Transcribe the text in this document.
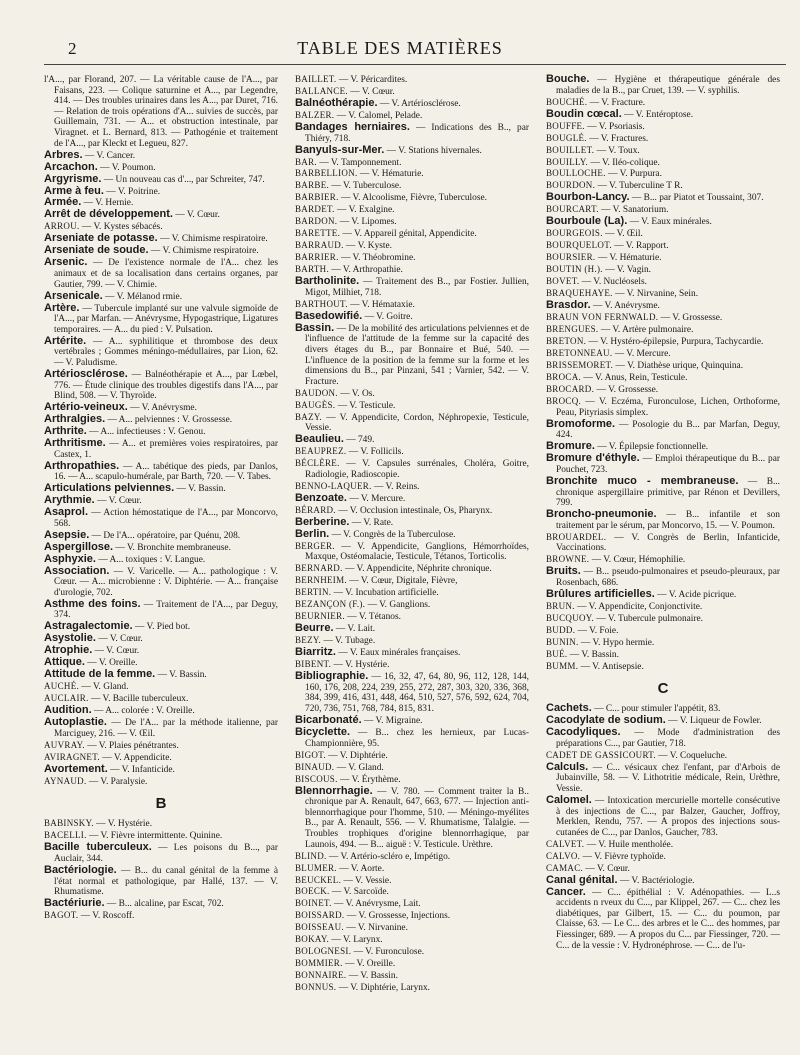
2	TABLE DES MATIÈRES
l'A..., par Florand, 207. — La véritable cause de l'A..., par Faisans, 223. — Colique saturnine et A..., par Legendre, 414. — Des troubles urinaires dans les A..., par Duret, 716. — Relation de trois opérations d'A... suivies de succès, par Guillemain, 731. — A... et obstruction intestinale, par Viragnet. et L. Bernard, 813. — Pathogénie et traitement de l'A..., par Kleckt et Legueu, 827.
Arbres. — V. Cancer.
Arcachon. — V. Poumon.
Argyrisme. — Un nouveau cas d'..., par Schreiter, 747.
Arme à feu. — V. Poitrine.
Armée. — V. Hernie.
Arrêt de développement. — V. Cœur.
ARROU. — V. Kystes sébacés.
Arseniate de potasse. — V. Chimisme respiratoire.
Arseniate de soude. — V. Chimisme respiratoire.
Arsenic. — De l'existence normale de l'A... chez les animaux et de sa localisation dans certains organes, par Gautier, 799. — V. Chimie.
Arsenicale. — V. Mélanod rmie.
Artère. — Tubercule implanté sur une valvule sigmoïde de l'A..., par Marfan. — Anévrysme, Hypogastrique, Ligatures temporaires. — A... du pied : V. Pulsation.
Artérite. — A... syphilitique et thrombose des deux vertébrales ; Gommes méningo-médullaires, par Lion, 62. — V. Paludisme.
Artériosclérose. — Balnéothérapie et A..., par Lœbel, 776. — Étude clinique des troubles digestifs dans l'A..., par Blind, 508. — V. Thyroïde.
Artério-veineux. — V. Anévrysme.
Arthralgies. — A... pelviennes : V. Grossesse.
Arthrite. — A... infectieuses : V. Genou.
Arthritisme. — A... et premières voies respiratoires, par Castex, 1.
Arthropathies. — A... tabétique des pieds, par Danlos, 16. — A... scapulo-humérale, par Barth, 720. — V. Tabes.
Articulations pelviennes. — V. Bassin.
Arythmie. — V. Cœur.
Asaprol. — Action hémostatique de l'A..., par Moncorvo, 568.
Asepsie. — De l'A... opératoire, par Quénu, 208.
Aspergillose. — V. Bronchite membraneuse.
Asphyxie. — A... toxiques : V. Langue.
Association. — V. Varicelle. — A... pathologique : V. Cœur. — A... microbienne : V. Diphtérie. — A... française d'urologie, 702.
Asthme des foins. — Traitement de l'A..., par Deguy, 374.
Astragalectomie. — V. Pied bot.
Asystolie. — V. Cœur.
Atrophie. — V. Cœur.
Attique. — V. Oreille.
Attitude de la femme. — V. Bassin.
AUCHÉ. — V. Gland.
AUCLAIR. — V. Bacille tuberculeux.
Audition. — A... colorée : V. Oreille.
Autoplastie. — De l'A... par la méthode italienne, par Marciguey, 216. — V. Œil.
AUVRAY. — V. Plaies pénétrantes.
AVIRAGNET. — V. Appendicite.
Avortement. — V. Infanticide.
AYNAUD. — V. Paralysie.
B
BABINSKY. — V. Hystérie.
BACELLI. — V. Fièvre intermittente. Quinine.
Bacille tuberculeux. — Les poisons du B..., par Auclair, 344.
Bactériologie. — B... du canal génital de la femme à l'état normal et pathologique, par Hallé, 137. — V. Rhumatisme.
Bactériurie. — B... alcaline, par Escat, 702.
BAGOT. — V. Roscoff.
BAILLET. — V. Péricardites.
BALLANCE. — V. Cœur.
Balnéothérapie. — V. Artériosclérose.
BALZER. — V. Calomel, Pelade.
Bandages herniaires. — Indications des B.., par Thiéry, 718.
Banyuls-sur-Mer. — V. Stations hivernales.
BAR. — V. Tamponnement.
BARBELLION. — V. Hématurie.
BARBE. — V. Tuberculose.
BARBIER. — V. Alcoolisme, Fièvre, Tuberculose.
BARDET. — V. Exalgine.
BARDON. — V. Lipomes.
BARETTE. — V. Appareil génital, Appendicite.
BARRAUD. — V. Kyste.
BARRIER. — V. Théobromine.
BARTH. — V. Arthropathie.
Bartholinite. — Traitement des B.., par Fostier. Jullien, Migot, Milhiet, 718.
BARTHOUT. — V. Hémataxie.
Basedowifié. — V. Goitre.
Bassin. — De la mobilité des articulations pelviennes et de l'influence de l'attitude de la femme sur la capacité des divers étages du B.., par Bonnaire et Bué, 540. — L'influence de la position de la femme sur la forme et les dimensions du B.., par Pinzani, 541 ; Varnier, 542. — V. Fracture.
BAUDON. — V. Os.
BAUGÈS. — V. Testicule.
BAZY. — V. Appendicite, Cordon, Néphropexie, Testicule, Vessie.
Beaulieu. — 749.
BEAUPREZ. — V. Follicils.
BÉCLÈRE. — V. Capsules surrénales, Choléra, Goitre, Radiologie, Radioscopie.
BENNO-LAQUER. — V. Reins.
Benzoate. — V. Mercure.
BÉRARD. — V. Occlusion intestinale, Os, Pharynx.
Berberine. — V. Rate.
Berlin. — V. Congrès de la Tuberculose.
BERGER. — V. Appendicite, Ganglions, Hémorrhoïdes, Maxque, Ostéomalacie, Testicule, Tétanos, Torticolis.
BERNARD. — V. Appendicite, Néphrite chronique.
BERNHEIM. — V. Cœur, Digitale, Fièvre,
BERTIN. — V. Incubation artificielle.
BEZANÇON (F.). — V. Ganglions.
BEURNIER. — V. Tétanos.
Beurre. — V. Lait.
BEZY. — V. Tubage.
Biarritz. — V. Eaux minérales françaises.
BIBENT. — V. Hystérie.
Bibliographie. — 16, 32, 47, 64, 80, 96, 112, 128, 144, 160, 176, 208, 224, 239, 255, 272, 287, 303, 320, 336, 368, 384, 399, 416, 431, 448, 464, 510, 527, 576, 592, 624, 704, 720, 736, 751, 768, 784, 815, 831.
Bicarbonaté. — V. Migraine.
Bicyclette. — B... chez les hernieux, par Lucas-Championnière, 95.
BIGOT. — V. Diphtérie.
BINAUD. — V. Gland.
BISCOUS. — V. Érythème.
Blennorrhagie. — V. 780. — Comment traiter la B.. chronique par A. Renault, 647, 663, 677. — Injection anti-blennorrhagique pour l'homme, 510. — Méningo-myélites B.., par A. Renault, 556. — V. Rhumatisme, Talalgie. — Troubles trophiques d'origine blennorrhagique, par Launois, 494. — B... aiguë : V. Testicule. Urèthre.
BLIND. — V. Artério-scléro e, Impétigo.
BLUMER. — V. Aorte.
BEUCKEL. — V. Vessie.
BOECK. — V. Sarcoïde.
BOINET. — V. Anévrysme, Lait.
BOISSARD. — V. Grossesse, Injections.
BOISSEAU. — V. Nirvanine.
BOKAY. — V. Larynx.
BOLOGNESI. — V. Furonculose.
BOMMIER. — V. Oreille.
BONNAIRE. — V. Bassin.
BONNUS. — V. Diphtérie, Larynx.
Bouche. — Hygiène et thérapeutique générale des maladies de la B.., par Cruet, 139. — V. syphilis.
BOUCHÉ. — V. Fracture.
Boudin cœcal. — V. Entéroptose.
BOUFFE. — V. Psoriasis.
BOUGLÉ. — V. Fractures.
BOUILLET. — V. Toux.
BOUILLY. — V. Iléo-colique.
BOULLOCHE. — V. Purpura.
BOURDON. — V. Tuberculine T R.
Bourbon-Lancy. — B... par Piatot et Toussaint, 307.
BOURCART. — V. Sanatorium.
Bourboule (La). — V. Eaux minérales.
BOURGEOIS. — V. Œil.
BOURQUELOT. — V. Rapport.
BOURSIER. — V. Hématurie.
BOUTIN (H.). — V. Vagin.
BOVET. — V. Nucléosels.
BRAQUEHAYE. — V. Nirvanine, Sein.
Brasdor. — V. Anévrysme.
BRAUN VON FERNWALD. — V. Grossesse.
BRENGUES. — V. Artère pulmonaire.
BRETON. — V. Hystéro-épilepsie, Purpura, Tachycardie.
BRETONNEAU. — V. Mercure.
BRISSEMORET. — V. Diathèse urique, Quinquina.
BROCA. — V. Anus, Rein, Testicule.
BROCARD. — V. Grossesse.
BROCQ. — V. Eczéma, Furonculose, Lichen, Orthoforme, Peau, Pityriasis simplex.
Bromoforme. — Posologie du B... par Marfan, Deguy, 424.
Bromure. — V. Épilepsie fonctionnelle.
Bromure d'éthyle. — Emploi thérapeutique du B... par Pouchet, 723.
Bronchite muco - membraneuse. — B... chronique aspergillaire primitive, par Rénon et Devillers, 799.
Broncho-pneumonie. — B... infantile et son traitement par le sérum, par Moncorvo, 15. — V. Poumon.
BROUARDEL. — V. Congrès de Berlin, Infanticide, Vaccinations.
BROWNE. — V. Cœur, Hémophilie.
Bruits. — B... pseudo-pulmonaires et pseudo-pleuraux, par Rosenbach, 686.
Brûlures artificielles. — V. Acide picrique.
BRUN. — V. Appendicite, Conjonctivite.
BUCQUOY. — V. Tubercule pulmonaire.
BUDD. — V. Foie.
BUNIN. — V. Hypo hermie.
BUÉ. — V. Bassin.
BUMM. — V. Antisepsie.
C
Cachets. — C... pour stimuler l'appétit, 83.
Cacodylate de sodium. — V. Liqueur de Fowler.
Cacodyliques. — Mode d'administration des préparations C..., par Gautier, 718.
CADET DE GASSICOURT. — V. Coqueluche.
Calculs. — C... vésicaux chez l'enfant, par d'Arbois de Jubainville, 58. — V. Lithotritie médicale, Rein, Urèthre, Vessie.
Calomel. — Intoxication mercurielle mortelle consécutive à des injections de C..., par Balzer, Gaucher, Joffroy, Merklen, Rendu, 757. — A propos des injections sous-cutanées de C..., par Danlos, Gaucher, 783.
CALVET. — V. Huile mentholée.
CALVO. — V. Fièvre typhoïde.
CAMAC. — V. Cœur.
Canal génital. — V. Bactériologie.
Cancer. — C... épithélial : V. Adénopathies. — L..s accidents n rveux du C..., par Klippel, 267. — C... chez les diabétiques, par Gilbert, 15. — C... du poumon, par Claisse, 63. — Le C... des arbres et le C... des hommes, par Fiessinger, 689. — A propos du C... par Fiessinger, 720. — C... de la vessie : V. Hydronéphrose. — C... de l'u-
